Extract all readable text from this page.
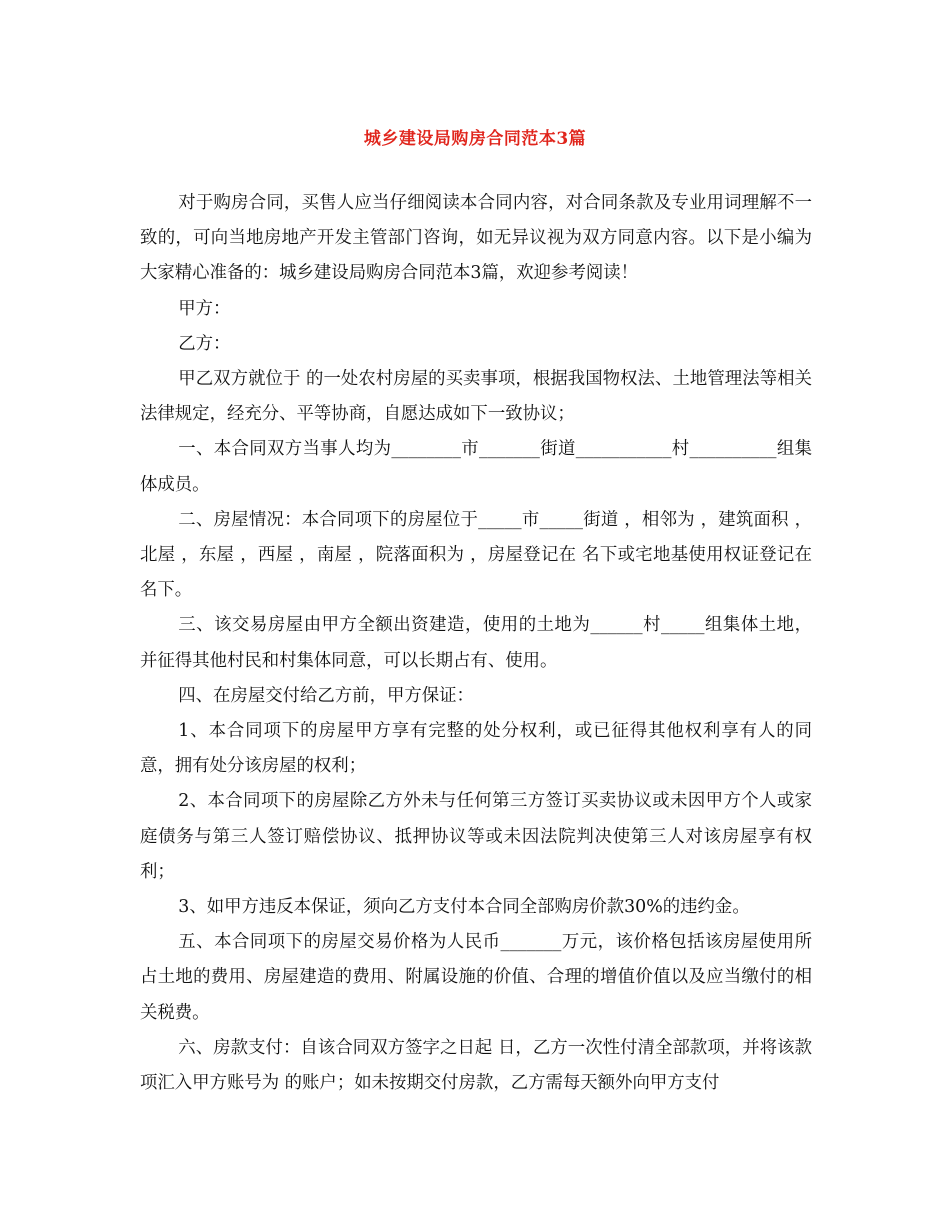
城乡建设局购房合同范本3篇

对于购房合同，买售人应当仔细阅读本合同内容，对合同条款及专业用词理解不一致的，可向当地房地产开发主管部门咨询，如无异议视为双方同意内容。以下是小编为大家精心准备的：城乡建设局购房合同范本3篇，欢迎参考阅读！

甲方：

乙方：

甲乙双方就位于 的一处农村房屋的买卖事项，根据我国物权法、土地管理法等相关法律规定，经充分、平等协商，自愿达成如下一致协议；

一、本合同双方当事人均为________市_______街道___________村__________组集体成员。

二、房屋情况：本合同项下的房屋位于_____市_____街道 ，相邻为 ，建筑面积 ，北屋 ，东屋 ，西屋 ，南屋 ，院落面积为 ，房屋登记在 名下或宅地基使用权证登记在 名下。

三、该交易房屋由甲方全额出资建造，使用的土地为______村_____组集体土地，并征得其他村民和村集体同意，可以长期占有、使用。

四、在房屋交付给乙方前，甲方保证：

1、本合同项下的房屋甲方享有完整的处分权利，或已征得其他权利享有人的同意，拥有处分该房屋的权利；

2、本合同项下的房屋除乙方外未与任何第三方签订买卖协议或未因甲方个人或家庭债务与第三人签订赔偿协议、抵押协议等或未因法院判决使第三人对该房屋享有权利；

3、如甲方违反本保证，须向乙方支付本合同全部购房价款30%的违约金。

五、本合同项下的房屋交易价格为人民币_______万元，该价格包括该房屋使用所占土地的费用、房屋建造的费用、附属设施的价值、合理的增值价值以及应当缴付的相关税费。

六、房款支付：自该合同双方签字之日起 日，乙方一次性付清全部款项，并将该款项汇入甲方账号为 的账户；如未按期交付房款，乙方需每天额外向甲方支付
